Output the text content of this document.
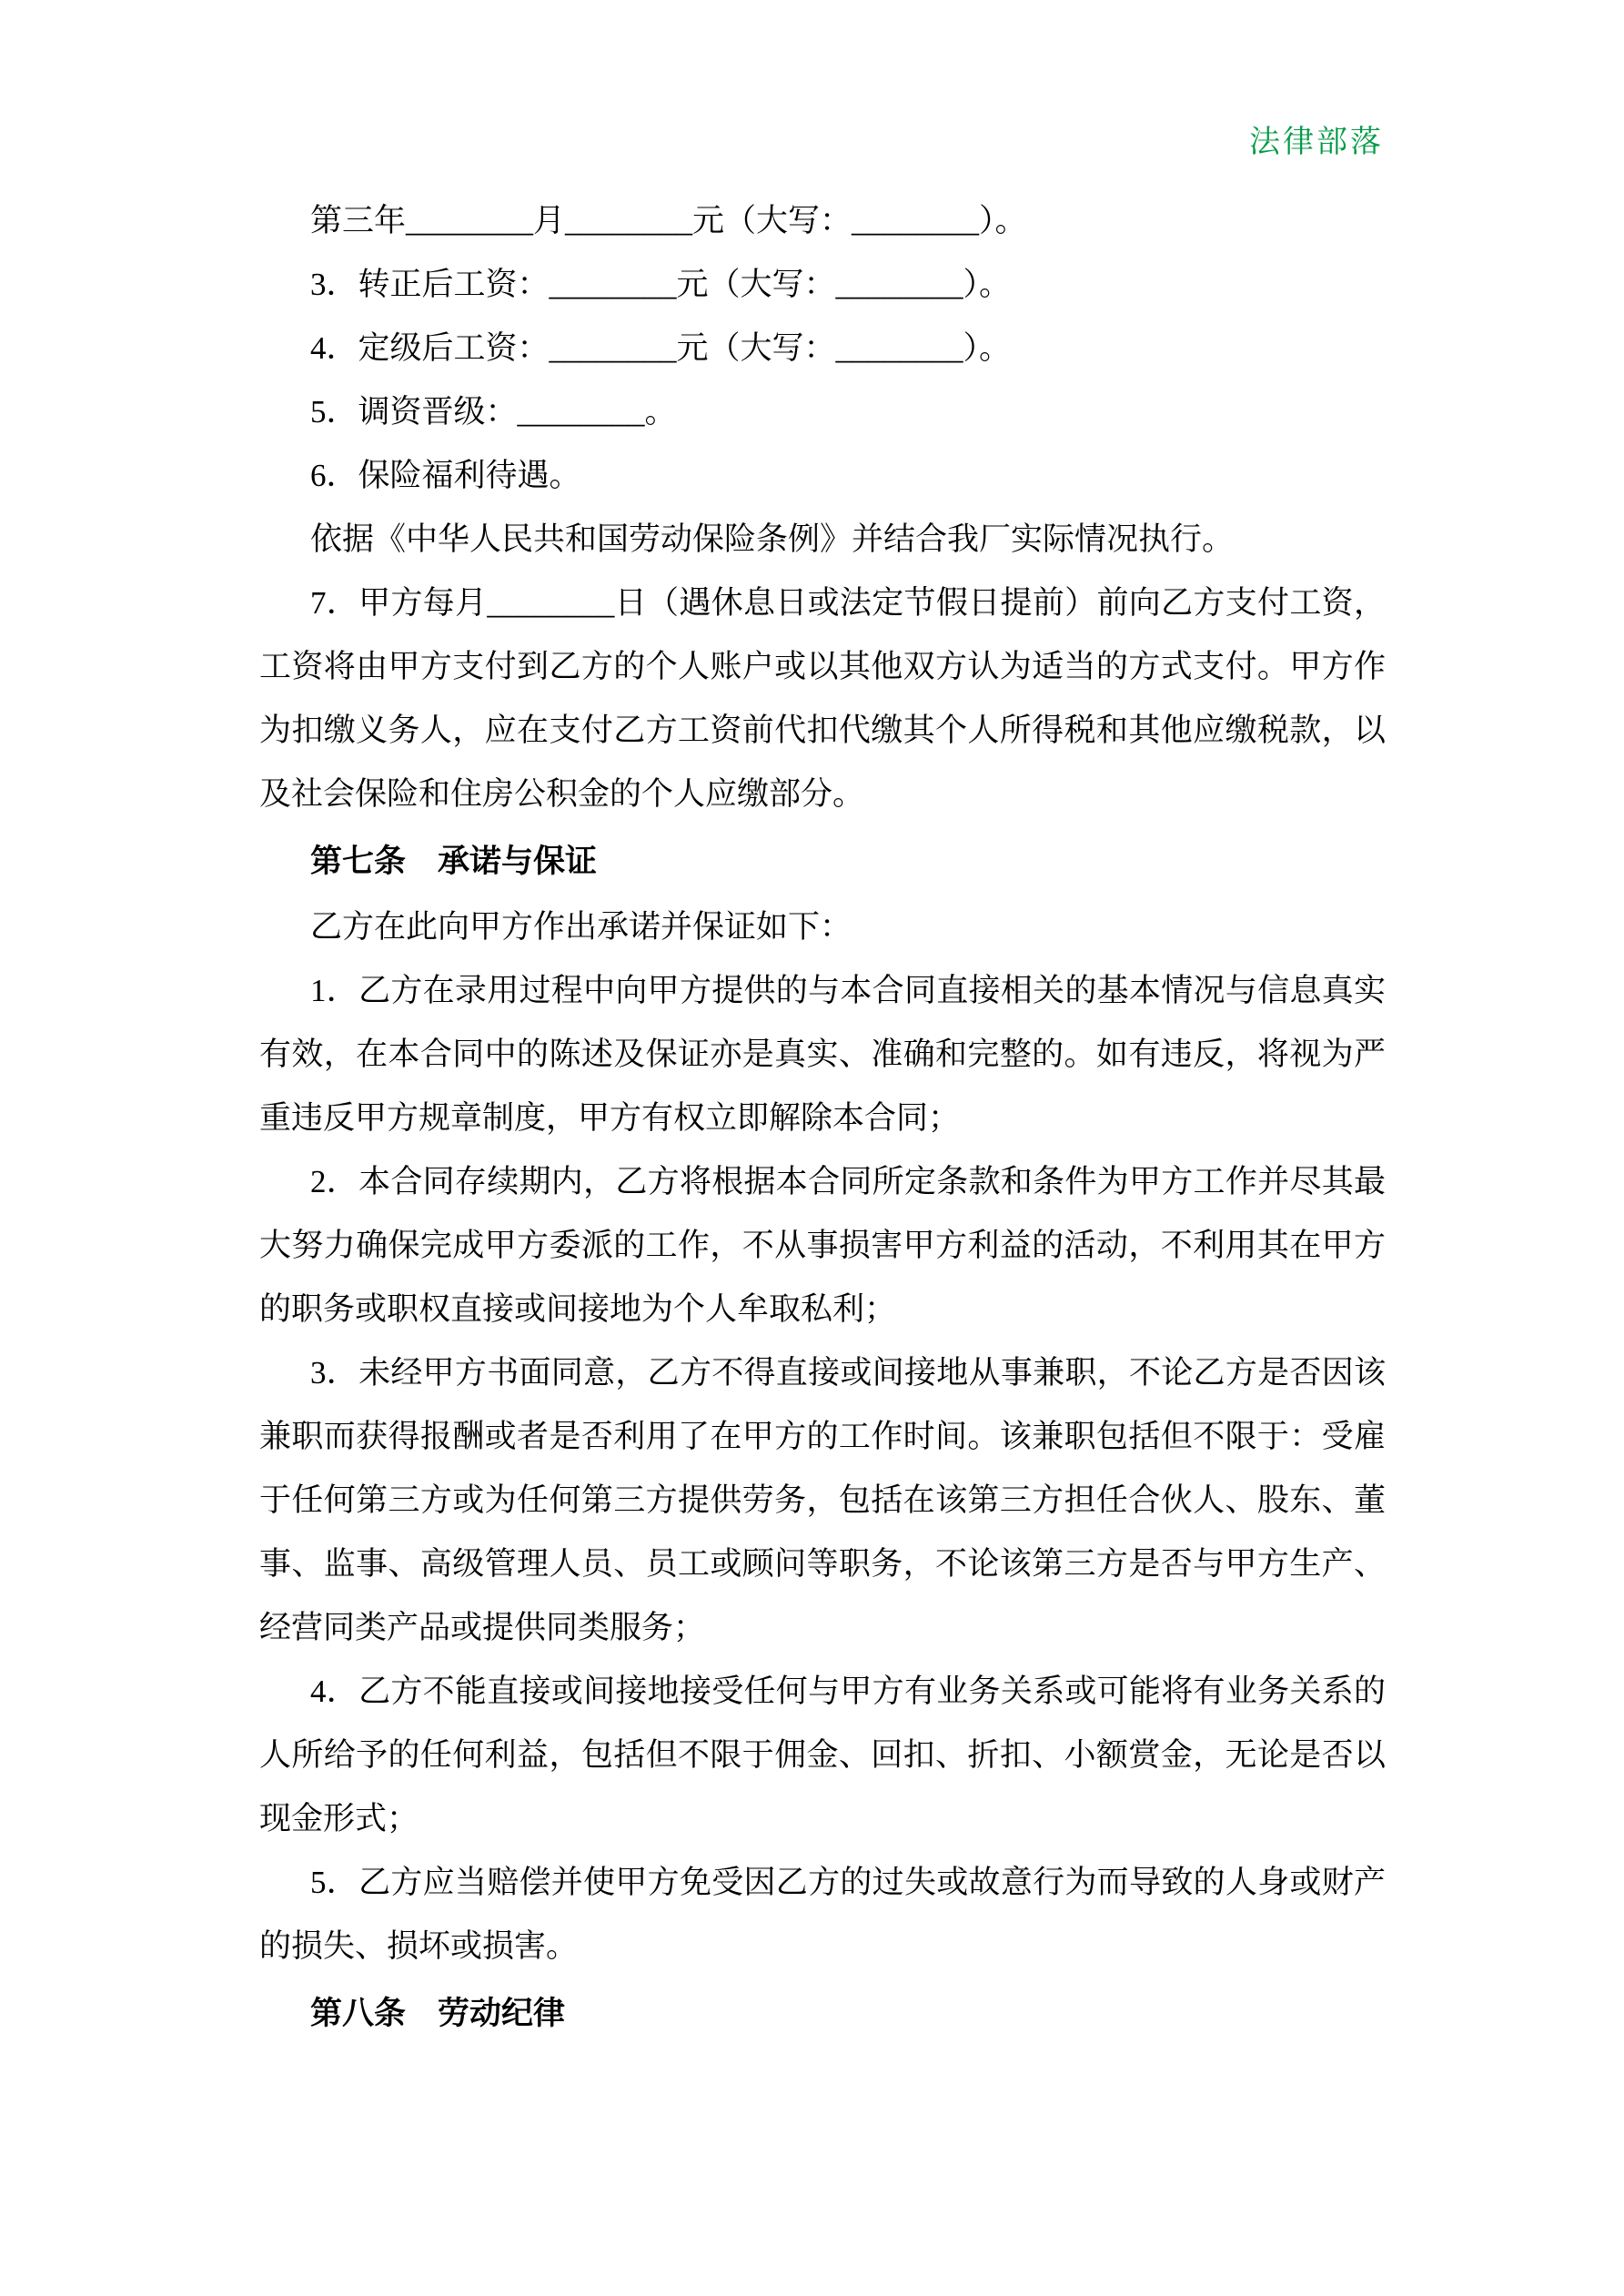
法律部落

第三年________月________元（大写：________）。

3．转正后工资：________元（大写：________）。

4．定级后工资：________元（大写：________）。

5．调资晋级：________。

6．保险福利待遇。

依据《中华人民共和国劳动保险条例》并结合我厂实际情况执行。

7．甲方每月________日（遇休息日或法定节假日提前）前向乙方支付工资，工资将由甲方支付到乙方的个人账户或以其他双方认为适当的方式支付。甲方作为扣缴义务人，应在支付乙方工资前代扣代缴其个人所得税和其他应缴税款，以及社会保险和住房公积金的个人应缴部分。

第七条　承诺与保证

乙方在此向甲方作出承诺并保证如下：

1．乙方在录用过程中向甲方提供的与本合同直接相关的基本情况与信息真实有效，在本合同中的陈述及保证亦是真实、准确和完整的。如有违反，将视为严重违反甲方规章制度，甲方有权立即解除本合同；

2．本合同存续期内，乙方将根据本合同所定条款和条件为甲方工作并尽其最大努力确保完成甲方委派的工作，不从事损害甲方利益的活动，不利用其在甲方的职务或职权直接或间接地为个人牟取私利；

3．未经甲方书面同意，乙方不得直接或间接地从事兼职，不论乙方是否因该兼职而获得报酬或者是否利用了在甲方的工作时间。该兼职包括但不限于：受雇于任何第三方或为任何第三方提供劳务，包括在该第三方担任合伙人、股东、董事、监事、高级管理人员、员工或顾问等职务，不论该第三方是否与甲方生产、经营同类产品或提供同类服务；

4．乙方不能直接或间接地接受任何与甲方有业务关系或可能将有业务关系的人所给予的任何利益，包括但不限于佣金、回扣、折扣、小额赏金，无论是否以现金形式；

5．乙方应当赔偿并使甲方免受因乙方的过失或故意行为而导致的人身或财产的损失、损坏或损害。

第八条　劳动纪律
